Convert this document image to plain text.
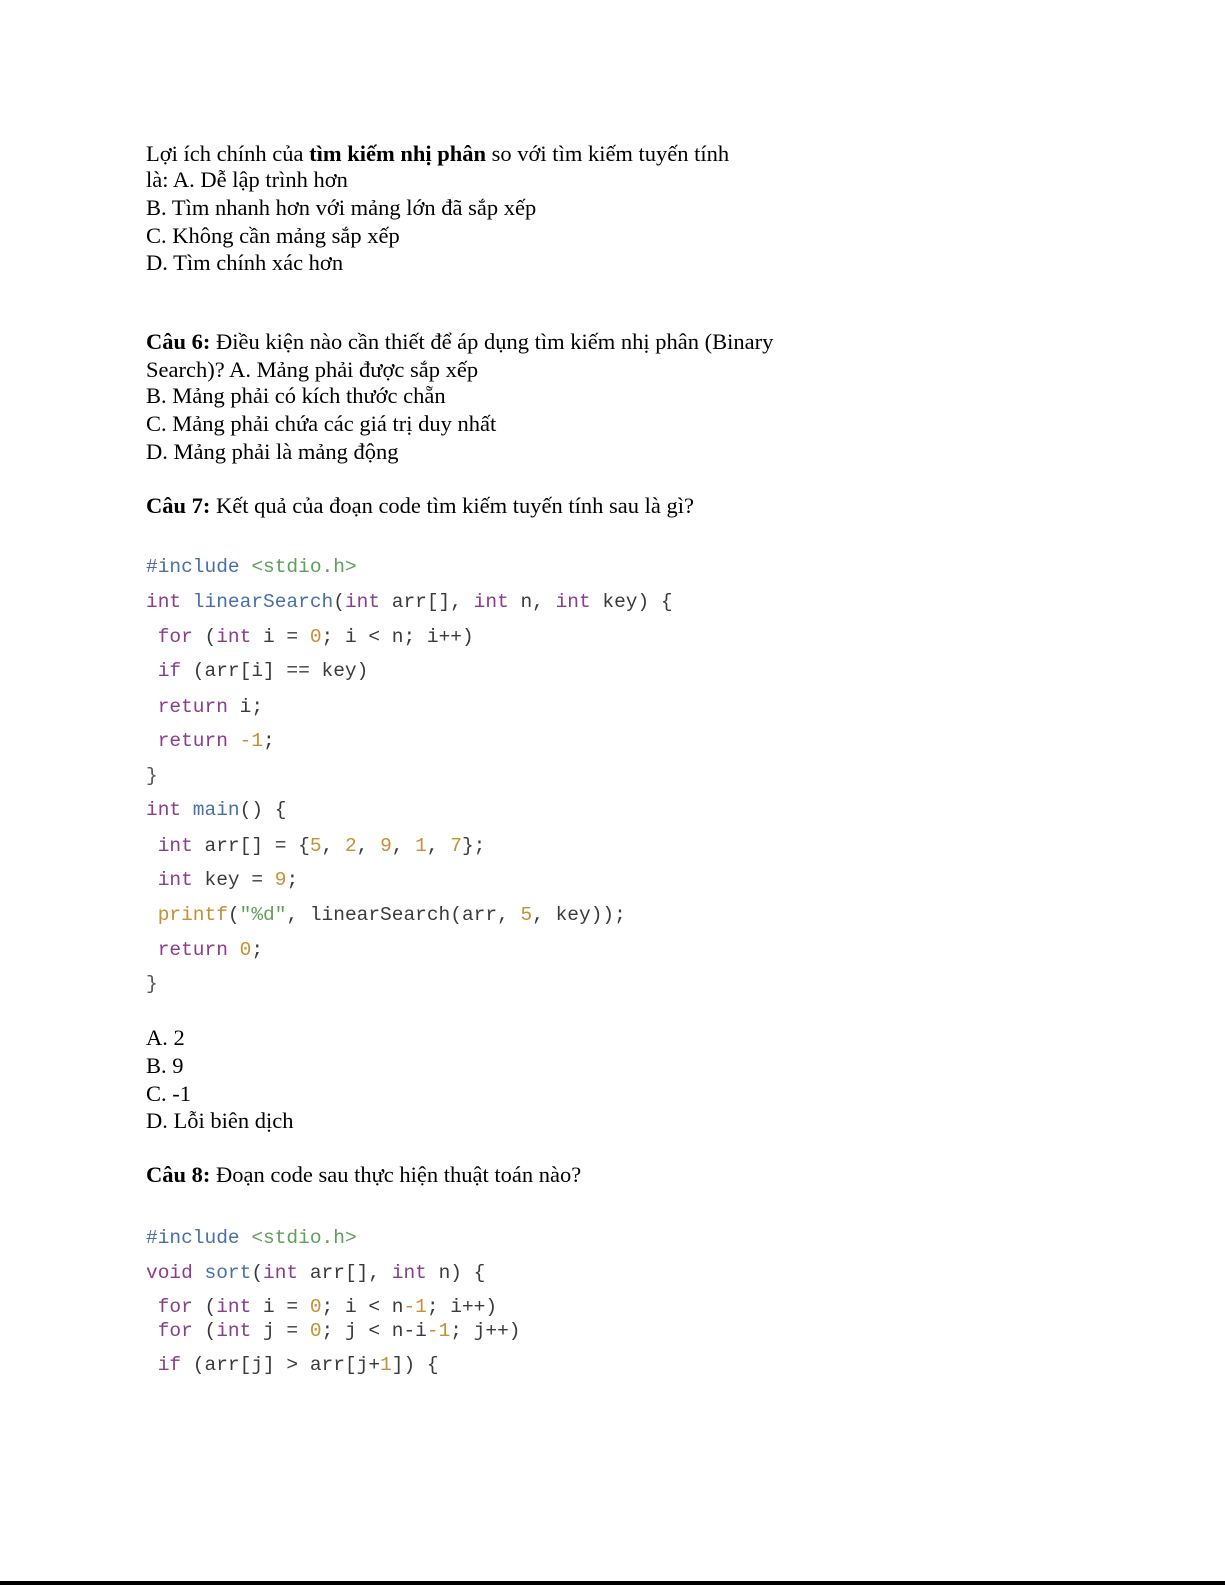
Lợi ích chính của tìm kiếm nhị phân so với tìm kiếm tuyến tính

là: A. Dễ lập trình hơn

B. Tìm nhanh hơn với mảng lớn đã sắp xếp

C. Không cần mảng sắp xếp

D. Tìm chính xác hơn

Câu 6: Điều kiện nào cần thiết để áp dụng tìm kiếm nhị phân (Binary

Search)? A. Mảng phải được sắp xếp

B. Mảng phải có kích thước chẵn

C. Mảng phải chứa các giá trị duy nhất

D. Mảng phải là mảng động

Câu 7: Kết quả của đoạn code tìm kiếm tuyến tính sau là gì?

#include <stdio.h>

int linearSearch(int arr[], int n, int key) {

for (int i = 0; i < n; i++)

if (arr[i] == key)

return i;

return -1;

}

int main() {

int arr[] = {5, 2, 9, 1, 7};

int key = 9;

printf("%d", linearSearch(arr, 5, key));

return 0;

}

A. 2

B. 9

C. -1

D. Lỗi biên dịch

Câu 8: Đoạn code sau thực hiện thuật toán nào?

#include <stdio.h>

void sort(int arr[], int n) {

for (int i = 0; i < n-1; i++)

for (int j = 0; j < n-i-1; j++)

if (arr[j] > arr[j+1]) {
